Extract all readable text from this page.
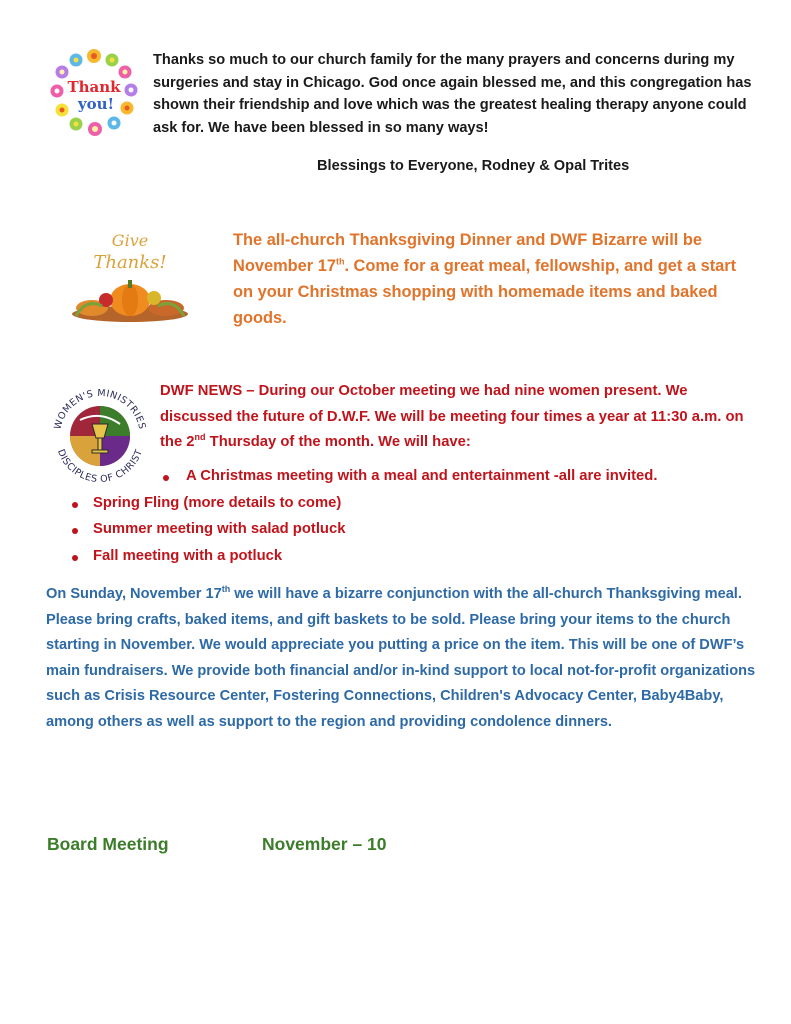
Thank
you!
Thanks so much to our church family for the many prayers and concerns during my surgeries and stay in Chicago. God once again blessed me, and this congregation has shown their friendship and love which was the greatest healing therapy anyone could ask for. We have been blessed in so many ways!
Blessings to Everyone, Rodney & Opal Trites
Give
Thanks!
The all-church Thanksgiving Dinner and DWF Bizarre will be November 17th. Come for a great meal, fellowship, and get a start on your Christmas shopping with homemade items and baked goods.
WOMEN'S MINISTRIES
DISCIPLES OF CHRIST
DWF NEWS – During our October meeting we had nine women present. We discussed the future of D.W.F. We will be meeting four times a year at 11:30 a.m. on the 2nd Thursday of the month. We will have:
A Christmas meeting with a meal and entertainment -all are invited.
Spring Fling (more details to come)
Summer meeting with salad potluck
Fall meeting with a potluck
On Sunday, November 17th we will have a bizarre conjunction with the all-church Thanksgiving meal. Please bring crafts, baked items, and gift baskets to be sold. Please bring your items to the church starting in November. We would appreciate you putting a price on the item. This will be one of DWF’s main fundraisers. We provide both financial and/or in-kind support to local not-for-profit organizations such as Crisis Resource Center, Fostering Connections, Children's Advocacy Center, Baby4Baby, among others as well as support to the region and providing condolence dinners.
Board Meeting	November – 10
